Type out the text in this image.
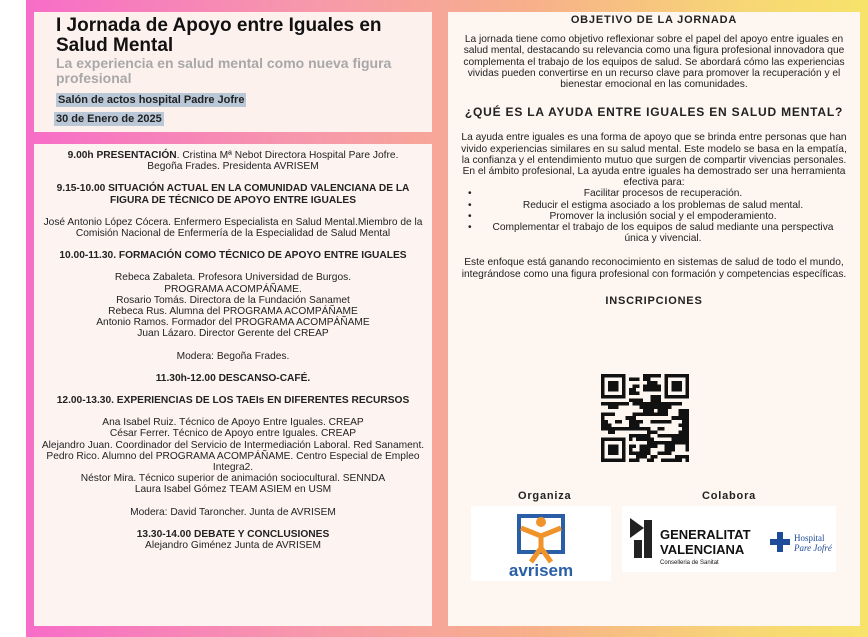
I Jornada de Apoyo entre Iguales en Salud Mental
La experiencia en salud mental como nueva figura profesional
Salón de actos hospital Padre Jofre
30 de Enero de 2025
9.00h PRESENTACIÓN. Cristina Mª Nebot Directora Hospital Pare Jofre.
Begoña Frades. Presidenta AVRISEM
9.15-10.00 SITUACIÓN ACTUAL EN LA COMUNIDAD VALENCIANA DE LA FIGURA DE TÉCNICO DE APOYO ENTRE IGUALES
José Antonio López Cócera. Enfermero Especialista en Salud Mental.Miembro de la Comisión Nacional de Enfermería de la Especialidad de Salud Mental
10.00-11.30. FORMACIÓN COMO TÉCNICO DE APOYO ENTRE IGUALES
Rebeca Zabaleta. Profesora Universidad de Burgos.
PROGRAMA ACOMPÁÑAME.
Rosario Tomás. Directora de la Fundación Sanamet
Rebeca Rus. Alumna del PROGRAMA ACOMPÁÑAME
Antonio Ramos. Formador del PROGRAMA ACOMPÁÑAME
Juan Lázaro. Director Gerente del CREAP
Modera: Begoña Frades.
11.30h-12.00 DESCANSO-CAFÉ.
12.00-13.30. EXPERIENCIAS DE LOS TAEIs EN DIFERENTES RECURSOS
Ana Isabel Ruiz. Técnico de Apoyo Entre Iguales. CREAP
César Ferrer. Técnico de Apoyo entre Iguales. CREAP
Alejandro Juan. Coordinador del Servicio de Intermediación Laboral. Red Sanament.
Pedro Rico. Alumno del PROGRAMA ACOMPÁÑAME. Centro Especial de Empleo Integra2.
Néstor Mira. Técnico superior de animación sociocultural. SENNDA
Laura Isabel Gómez TEAM ASIEM en USM
Modera: David Taroncher. Junta de AVRISEM
13.30-14.00 DEBATE Y CONCLUSIONES
Alejandro Giménez Junta de AVRISEM
OBJETIVO DE LA JORNADA
La jornada tiene como objetivo reflexionar sobre el papel del apoyo entre iguales en salud mental, destacando su relevancia como una figura profesional innovadora que complementa el trabajo de los equipos de salud. Se abordará cómo las experiencias vividas pueden convertirse en un recurso clave para promover la recuperación y el bienestar emocional en las comunidades.
¿QUÉ ES LA AYUDA ENTRE IGUALES EN SALUD MENTAL?
La ayuda entre iguales es una forma de apoyo que se brinda entre personas que han vivido experiencias similares en su salud mental. Este modelo se basa en la empatía, la confianza y el entendimiento mutuo que surgen de compartir vivencias personales. En el ámbito profesional, La ayuda entre iguales ha demostrado ser una herramienta efectiva para:
• Facilitar procesos de recuperación.
• Reducir el estigma asociado a los problemas de salud mental.
• Promover la inclusión social y el empoderamiento.
• Complementar el trabajo de los equipos de salud mediante una perspectiva única y vivencial.
Este enfoque está ganando reconocimiento en sistemas de salud de todo el mundo, integrándose como una figura profesional con formación y competencias específicas.
INSCRIPCIONES
Organiza	Colabora
avrisem
GENERALITAT
VALENCIANA
Conselleria de Sanitat
Hospital
Pare Jofré
